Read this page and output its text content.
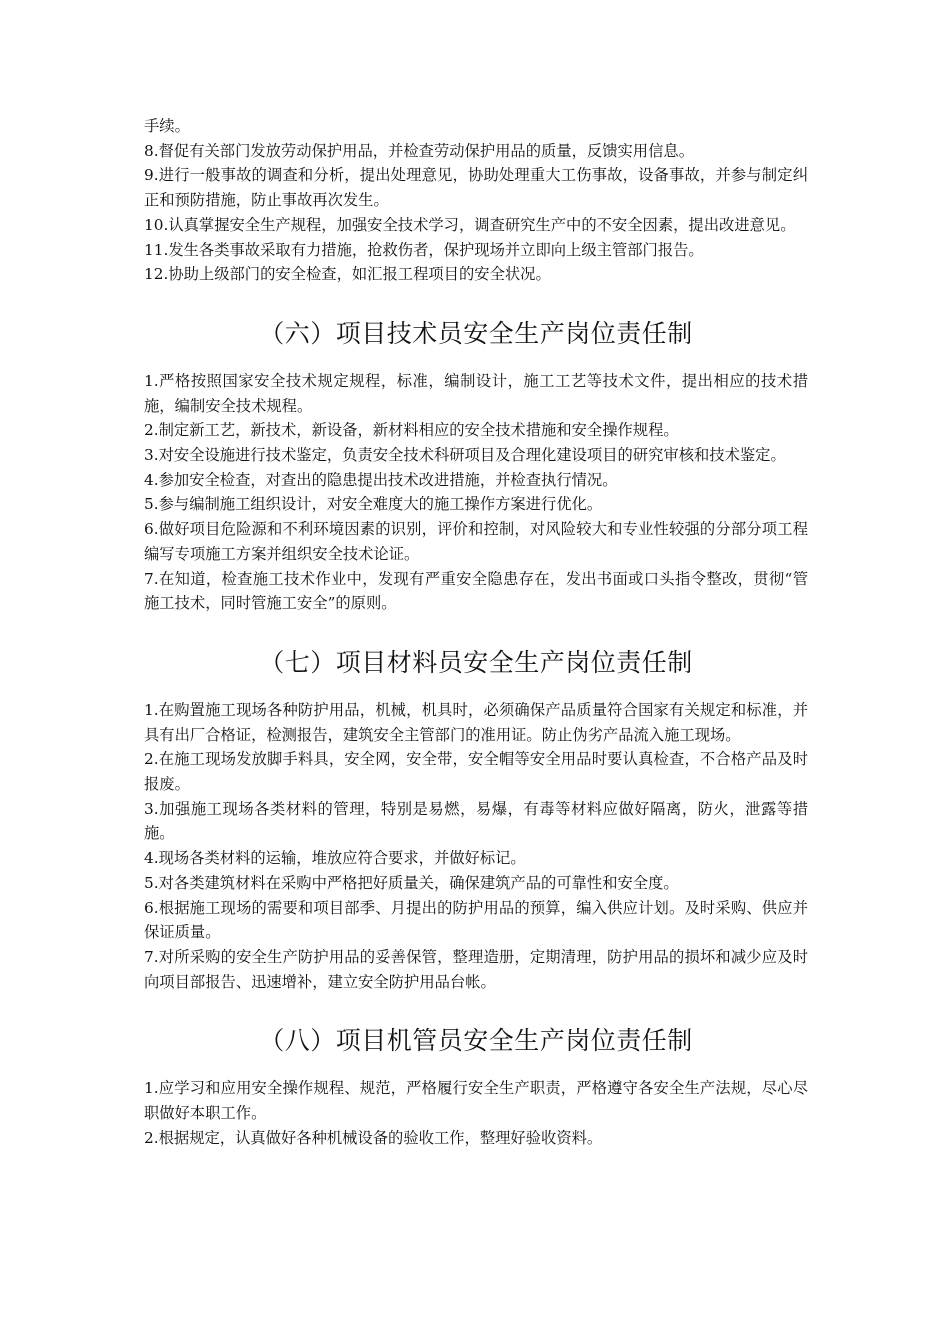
手续。

8.督促有关部门发放劳动保护用品，并检查劳动保护用品的质量，反馈实用信息。

9.进行一般事故的调查和分析，提出处理意见，协助处理重大工伤事故，设备事故，并参与制定纠正和预防措施，防止事故再次发生。

10.认真掌握安全生产规程，加强安全技术学习，调查研究生产中的不安全因素，提出改进意见。

11.发生各类事故采取有力措施，抢救伤者，保护现场并立即向上级主管部门报告。

12.协助上级部门的安全检查，如汇报工程项目的安全状况。

（六）项目技术员安全生产岗位责任制

1.严格按照国家安全技术规定规程，标准，编制设计，施工工艺等技术文件，提出相应的技术措施，编制安全技术规程。

2.制定新工艺，新技术，新设备，新材料相应的安全技术措施和安全操作规程。

3.对安全设施进行技术鉴定，负责安全技术科研项目及合理化建设项目的研究审核和技术鉴定。

4.参加安全检查，对查出的隐患提出技术改进措施，并检查执行情况。

5.参与编制施工组织设计，对安全难度大的施工操作方案进行优化。

6.做好项目危险源和不利环境因素的识别，评价和控制，对风险较大和专业性较强的分部分项工程编写专项施工方案并组织安全技术论证。

7.在知道，检查施工技术作业中，发现有严重安全隐患存在，发出书面或口头指令整改，贯彻“管施工技术，同时管施工安全”的原则。

（七）项目材料员安全生产岗位责任制

1.在购置施工现场各种防护用品，机械，机具时，必须确保产品质量符合国家有关规定和标准，并具有出厂合格证，检测报告，建筑安全主管部门的准用证。防止伪劣产品流入施工现场。

2.在施工现场发放脚手料具，安全网，安全带，安全帽等安全用品时要认真检查，不合格产品及时报废。

3.加强施工现场各类材料的管理，特别是易燃，易爆，有毒等材料应做好隔离，防火，泄露等措施。

4.现场各类材料的运输，堆放应符合要求，并做好标记。

5.对各类建筑材料在采购中严格把好质量关，确保建筑产品的可靠性和安全度。

6.根据施工现场的需要和项目部季、月提出的防护用品的预算，编入供应计划。及时采购、供应并保证质量。

7.对所采购的安全生产防护用品的妥善保管，整理造册，定期清理，防护用品的损坏和减少应及时向项目部报告、迅速增补，建立安全防护用品台帐。

（八）项目机管员安全生产岗位责任制

1.应学习和应用安全操作规程、规范，严格履行安全生产职责，严格遵守各安全生产法规，尽心尽职做好本职工作。

2.根据规定，认真做好各种机械设备的验收工作，整理好验收资料。
